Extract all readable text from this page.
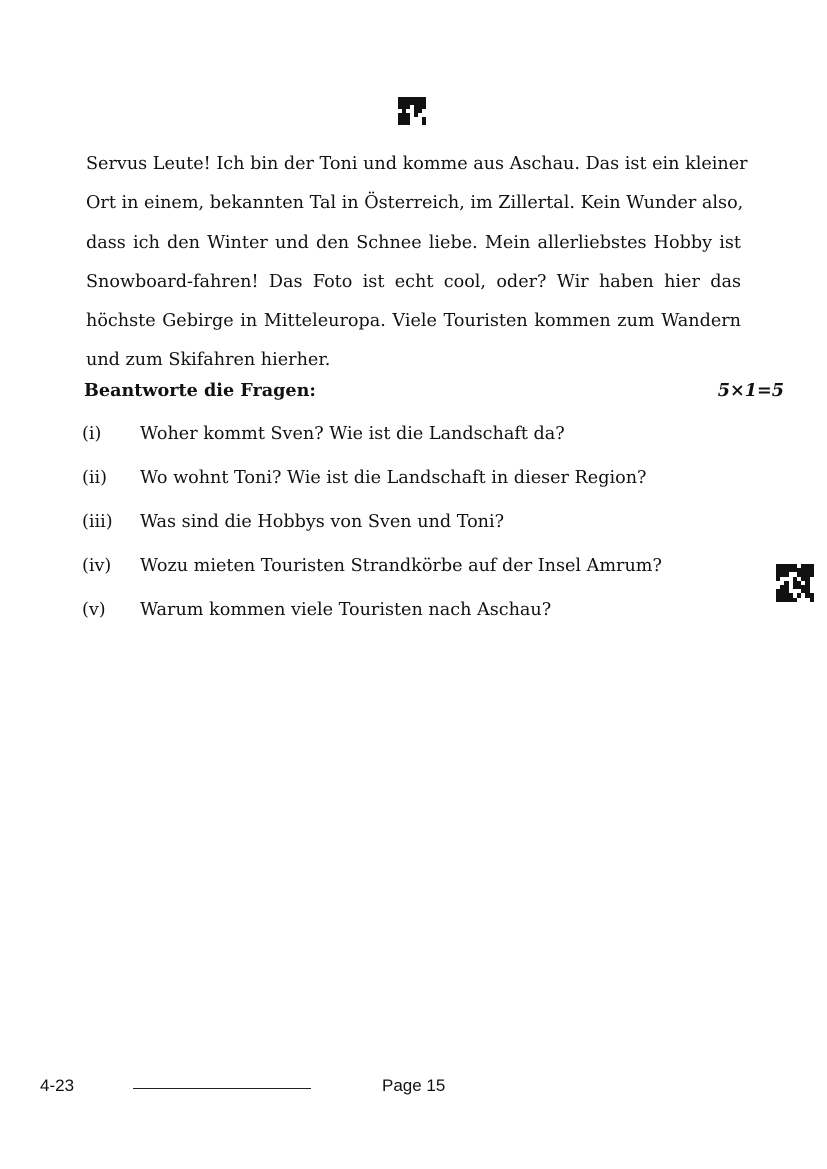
Servus Leute! Ich bin der Toni und komme aus Aschau. Das ist ein kleiner
Ort in einem, bekannten Tal in Österreich, im Zillertal. Kein Wunder also,
dass ich den Winter und den Schnee liebe. Mein allerliebstes Hobby ist
Snowboard-fahren! Das Foto ist echt cool, oder? Wir haben hier das
höchste Gebirge in Mitteleuropa. Viele Touristen kommen zum Wandern
und zum Skifahren hierher.
Beantworte die Fragen:	5×1=5
(i) Woher kommt Sven? Wie ist die Landschaft da?
(ii) Wo wohnt Toni? Wie ist die Landschaft in dieser Region?
(iii) Was sind die Hobbys von Sven und Toni?
(iv) Wozu mieten Touristen Strandkörbe auf der Insel Amrum?
(v) Warum kommen viele Touristen nach Aschau?
4-23	Page 15
